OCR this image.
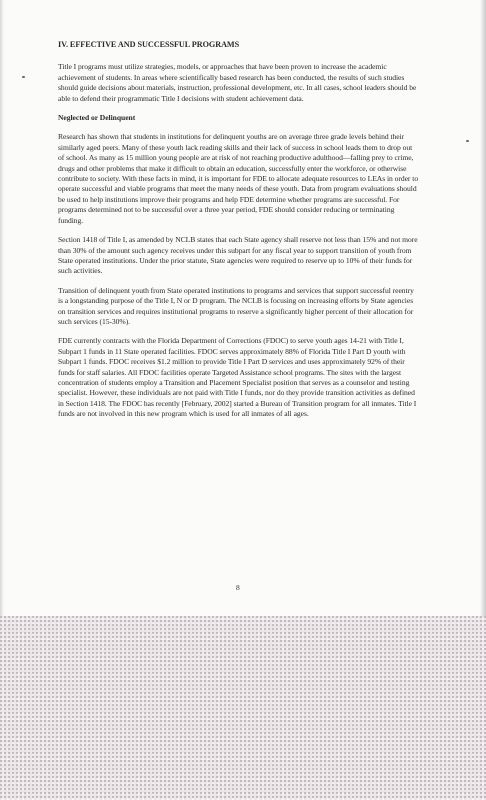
IV. EFFECTIVE AND SUCCESSFUL PROGRAMS

Title I programs must utilize strategies, models, or approaches that have been proven to increase the academic achievement of students. In areas where scientifically based research has been conducted, the results of such studies should guide decisions about materials, instruction, professional development, etc. In all cases, school leaders should be able to defend their programmatic Title I decisions with student achievement data.

Neglected or Delinquent

Research has shown that students in institutions for delinquent youths are on average three grade levels behind their similarly aged peers. Many of these youth lack reading skills and their lack of success in school leads them to drop out of school. As many as 15 million young people are at risk of not reaching productive adulthood—falling prey to crime, drugs and other problems that make it difficult to obtain an education, successfully enter the workforce, or otherwise contribute to society. With these facts in mind, it is important for FDE to allocate adequate resources to LEAs in order to operate successful and viable programs that meet the many needs of these youth. Data from program evaluations should be used to help institutions improve their programs and help FDE determine whether programs are successful. For programs determined not to be successful over a three year period, FDE should consider reducing or terminating funding.

Section 1418 of Title I, as amended by NCLB states that each State agency shall reserve not less than 15% and not more than 30% of the amount such agency receives under this subpart for any fiscal year to support transition of youth from State operated institutions. Under the prior statute, State agencies were required to reserve up to 10% of their funds for such activities.

Transition of delinquent youth from State operated institutions to programs and services that support successful reentry is a longstanding purpose of the Title I, N or D program. The NCLB is focusing on increasing efforts by State agencies on transition services and requires institutional programs to reserve a significantly higher percent of their allocation for such services (15-30%).

FDE currently contracts with the Florida Department of Corrections (FDOC) to serve youth ages 14-21 with Title I, Subpart 1 funds in 11 State operated facilities. FDOC serves approximately 88% of Florida Title I Part D youth with Subpart 1 funds. FDOC receives $1.2 million to provide Title I Part D services and uses approximately 92% of their funds for staff salaries. All FDOC facilities operate Targeted Assistance school programs. The sites with the largest concentration of students employ a Transition and Placement Specialist position that serves as a counselor and testing specialist. However, these individuals are not paid with Title I funds, nor do they provide transition activities as defined in Section 1418. The FDOC has recently [February, 2002] started a Bureau of Transition program for all inmates. Title I funds are not involved in this new program which is used for all inmates of all ages.

8
